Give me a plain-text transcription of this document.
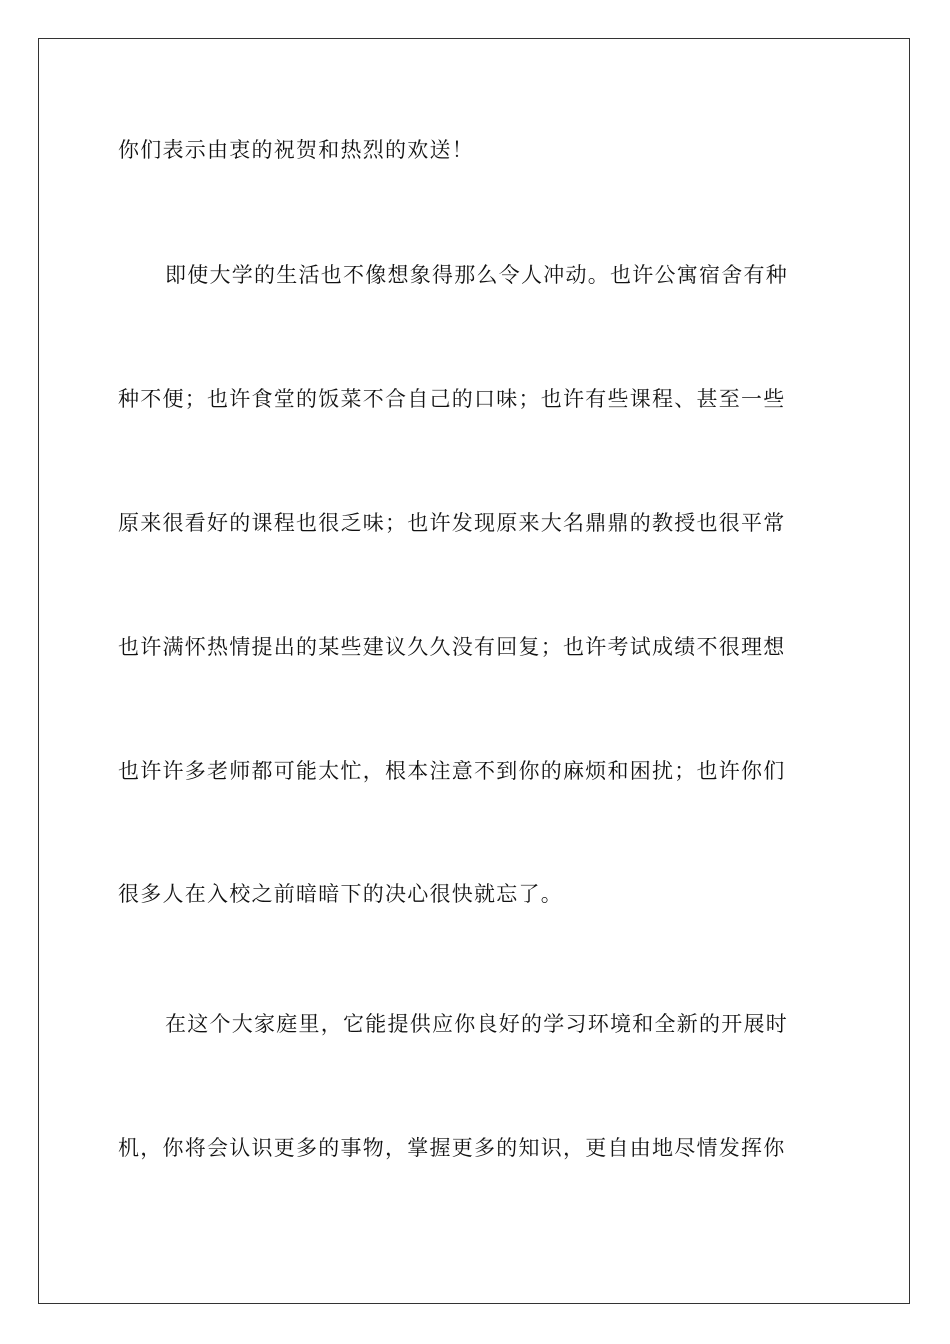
你们表示由衷的祝贺和热烈的欢送！
即使大学的生活也不像想象得那么令人冲动。也许公寓宿舍有种
种不便；也许食堂的饭菜不合自己的口味；也许有些课程、甚至一些
原来很看好的课程也很乏味；也许发现原来大名鼎鼎的教授也很平常
也许满怀热情提出的某些建议久久没有回复；也许考试成绩不很理想
也许许多老师都可能太忙，根本注意不到你的麻烦和困扰；也许你们
很多人在入校之前暗暗下的决心很快就忘了。
在这个大家庭里，它能提供应你良好的学习环境和全新的开展时
机，你将会认识更多的事物，掌握更多的知识，更自由地尽情发挥你
